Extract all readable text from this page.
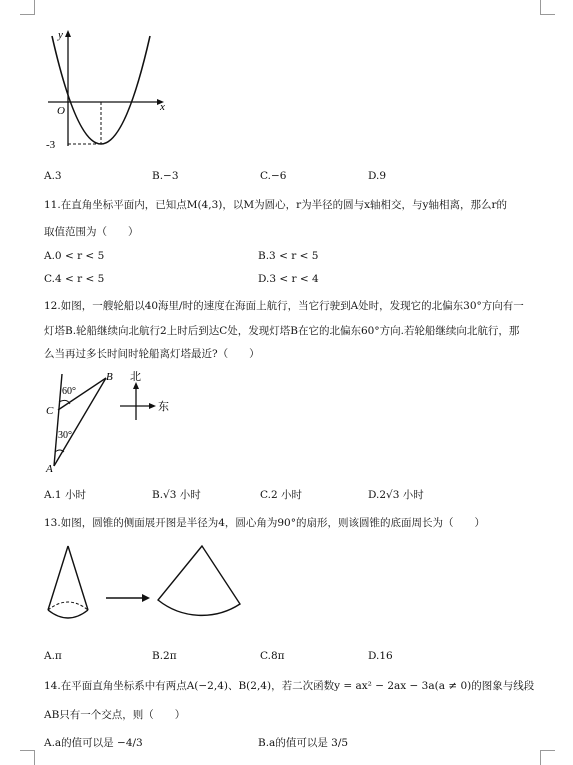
y
x
O
-3
A.3	B.−3	C.−6	D.9
11.在直角坐标平面内，已知点M(4,3)，以M为圆心，r为半径的圆与x轴相交，与y轴相离，那么r的
取值范围为（　　）
A.0 < r < 5	B.3 < r < 5
C.4 < r < 5	D.3 < r < 4
12.如图，一艘轮船以40海里/时的速度在海面上航行，当它行驶到A处时，发现它的北偏东30°方向有一
灯塔B.轮船继续向北航行2上时后到达C处，发现灯塔B在它的北偏东60°方向.若轮船继续向北航行，那
么当再过多长时间时轮船离灯塔最近?（　　）
60°
30°
A
B
C
北
东
A.1 小时	B.√3 小时	C.2 小时	D.2√3 小时
13.如图，圆锥的侧面展开图是半径为4，圆心角为90°的扇形，则该圆锥的底面周长为（　　）
A.π	B.2π	C.8π	D.16
14.在平面直角坐标系中有两点A(−2,4)、B(2,4)，若二次函数y = ax² − 2ax − 3a(a ≠ 0)的图象与线段
AB只有一个交点，则（　　）
A.a的值可以是 −4/3	B.a的值可以是 3/5
